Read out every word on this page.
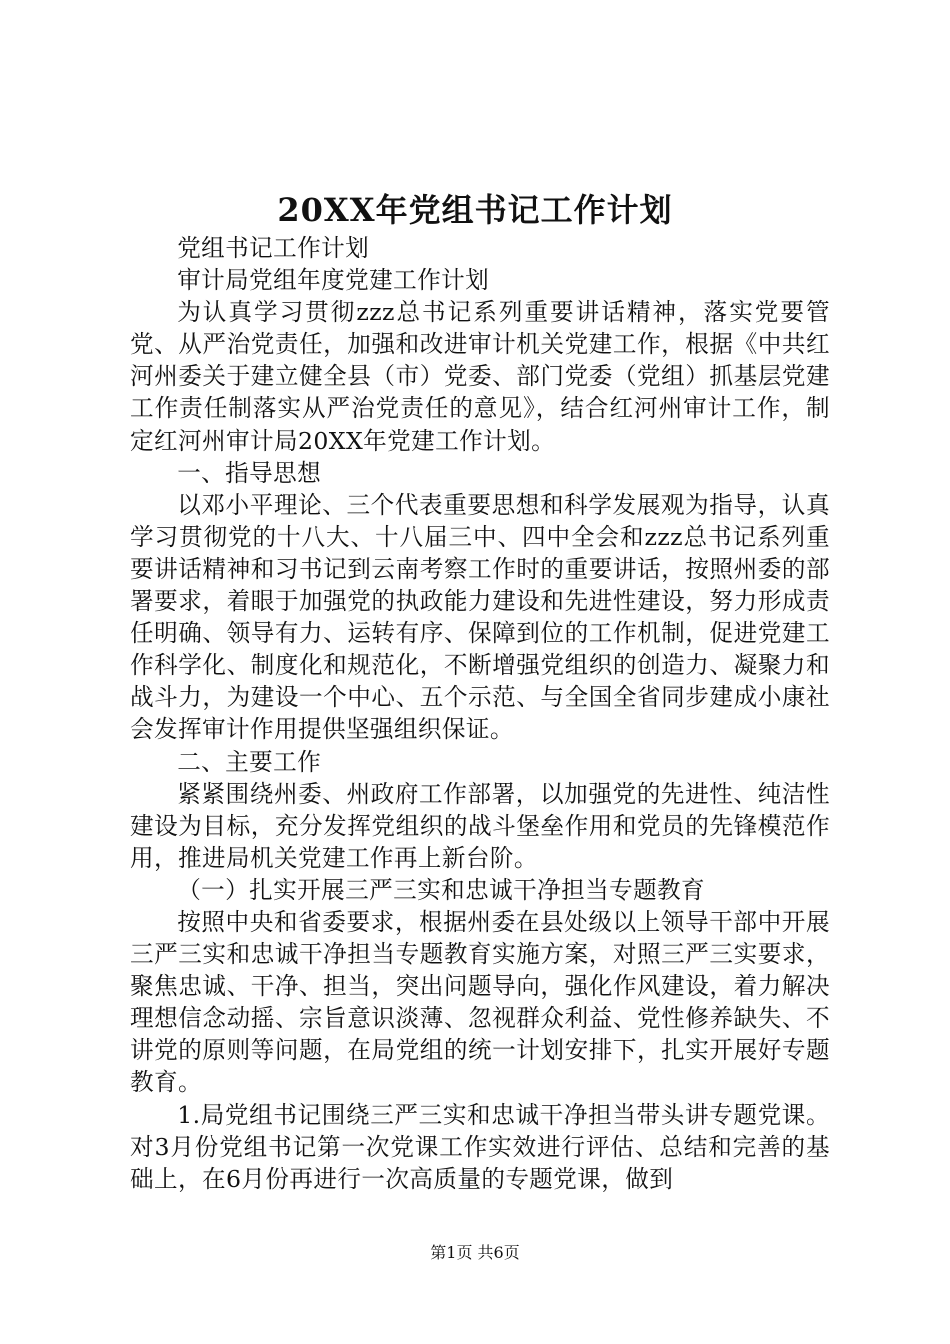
20XX年党组书记工作计划

党组书记工作计划

审计局党组年度党建工作计划

为认真学习贯彻zzz总书记系列重要讲话精神，落实党要管党、从严治党责任，加强和改进审计机关党建工作，根据《中共红河州委关于建立健全县（市）党委、部门党委（党组）抓基层党建工作责任制落实从严治党责任的意见》，结合红河州审计工作，制定红河州审计局20XX年党建工作计划。

一、指导思想

以邓小平理论、三个代表重要思想和科学发展观为指导，认真学习贯彻党的十八大、十八届三中、四中全会和zzz总书记系列重要讲话精神和习书记到云南考察工作时的重要讲话，按照州委的部署要求，着眼于加强党的执政能力建设和先进性建设，努力形成责任明确、领导有力、运转有序、保障到位的工作机制，促进党建工作科学化、制度化和规范化，不断增强党组织的创造力、凝聚力和战斗力，为建设一个中心、五个示范、与全国全省同步建成小康社会发挥审计作用提供坚强组织保证。

二、主要工作

紧紧围绕州委、州政府工作部署，以加强党的先进性、纯洁性建设为目标，充分发挥党组织的战斗堡垒作用和党员的先锋模范作用，推进局机关党建工作再上新台阶。

（一）扎实开展三严三实和忠诚干净担当专题教育

按照中央和省委要求，根据州委在县处级以上领导干部中开展三严三实和忠诚干净担当专题教育实施方案，对照三严三实要求，聚焦忠诚、干净、担当，突出问题导向，强化作风建设，着力解决理想信念动摇、宗旨意识淡薄、忽视群众利益、党性修养缺失、不讲党的原则等问题，在局党组的统一计划安排下，扎实开展好专题教育。

1.局党组书记围绕三严三实和忠诚干净担当带头讲专题党课。对3月份党组书记第一次党课工作实效进行评估、总结和完善的基础上，在6月份再进行一次高质量的专题党课，做到

第1页 共6页
